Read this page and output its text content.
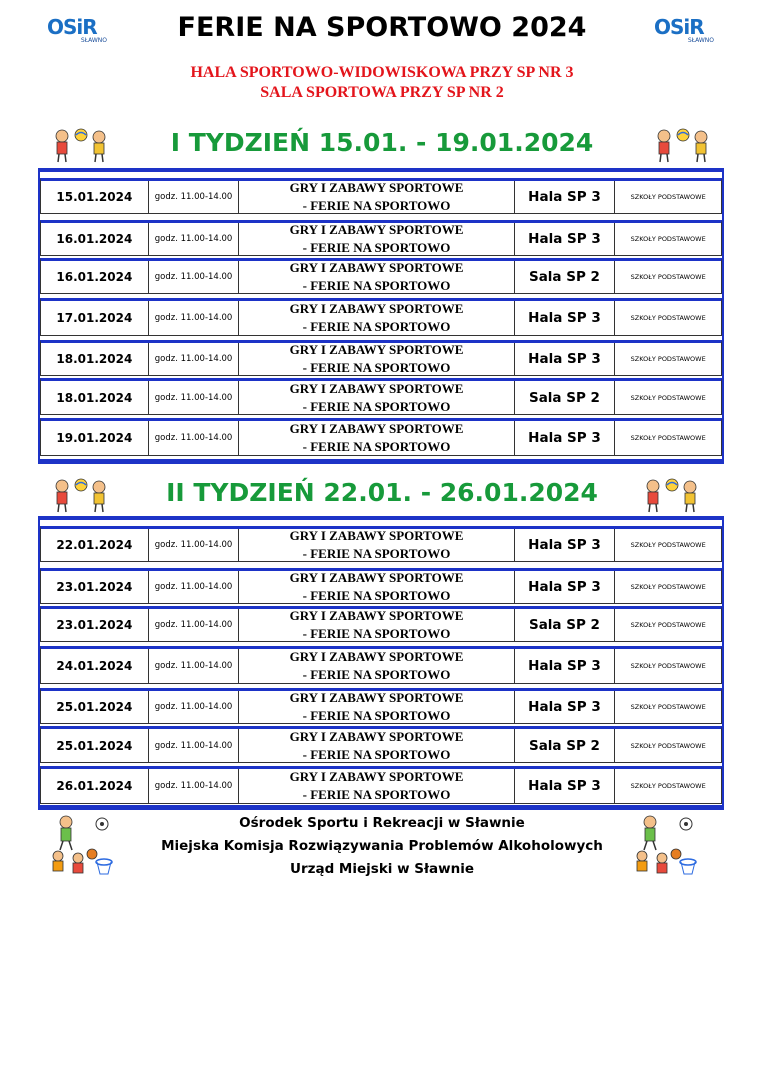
OSiR
SŁAWNO
OSiR
SŁAWNO
FERIE NA SPORTOWO 2024
HALA SPORTOWO-WIDOWISKOWA PRZY SP NR 3
SALA SPORTOWA PRZY SP NR 2
I TYDZIEŃ 15.01. - 19.01.2024
15.01.2024	godz. 11.00-14.00
GRY I ZABAWY SPORTOWE
- FERIE NA SPORTOWO
Hala SP 3	SZKOŁY PODSTAWOWE
16.01.2024	godz. 11.00-14.00
GRY I ZABAWY SPORTOWE
- FERIE NA SPORTOWO
Hala SP 3	SZKOŁY PODSTAWOWE
16.01.2024	godz. 11.00-14.00
GRY I ZABAWY SPORTOWE
- FERIE NA SPORTOWO
Sala SP 2	SZKOŁY PODSTAWOWE
17.01.2024	godz. 11.00-14.00
GRY I ZABAWY SPORTOWE
- FERIE NA SPORTOWO
Hala SP 3	SZKOŁY PODSTAWOWE
18.01.2024	godz. 11.00-14.00
GRY I ZABAWY SPORTOWE
- FERIE NA SPORTOWO
Hala SP 3	SZKOŁY PODSTAWOWE
18.01.2024	godz. 11.00-14.00
GRY I ZABAWY SPORTOWE
- FERIE NA SPORTOWO
Sala SP 2	SZKOŁY PODSTAWOWE
19.01.2024	godz. 11.00-14.00
GRY I ZABAWY SPORTOWE
- FERIE NA SPORTOWO
Hala SP 3	SZKOŁY PODSTAWOWE
II TYDZIEŃ 22.01. - 26.01.2024
22.01.2024	godz. 11.00-14.00
GRY I ZABAWY SPORTOWE
- FERIE NA SPORTOWO
Hala SP 3	SZKOŁY PODSTAWOWE
23.01.2024	godz. 11.00-14.00
GRY I ZABAWY SPORTOWE
- FERIE NA SPORTOWO
Hala SP 3	SZKOŁY PODSTAWOWE
23.01.2024	godz. 11.00-14.00
GRY I ZABAWY SPORTOWE
- FERIE NA SPORTOWO
Sala SP 2	SZKOŁY PODSTAWOWE
24.01.2024	godz. 11.00-14.00
GRY I ZABAWY SPORTOWE
- FERIE NA SPORTOWO
Hala SP 3	SZKOŁY PODSTAWOWE
25.01.2024	godz. 11.00-14.00
GRY I ZABAWY SPORTOWE
- FERIE NA SPORTOWO
Hala SP 3	SZKOŁY PODSTAWOWE
25.01.2024	godz. 11.00-14.00
GRY I ZABAWY SPORTOWE
- FERIE NA SPORTOWO
Sala SP 2	SZKOŁY PODSTAWOWE
26.01.2024	godz. 11.00-14.00
GRY I ZABAWY SPORTOWE
- FERIE NA SPORTOWO
Hala SP 3	SZKOŁY PODSTAWOWE
Ośrodek Sportu i Rekreacji w Sławnie
Miejska Komisja Rozwiązywania Problemów Alkoholowych
Urząd Miejski w Sławnie
